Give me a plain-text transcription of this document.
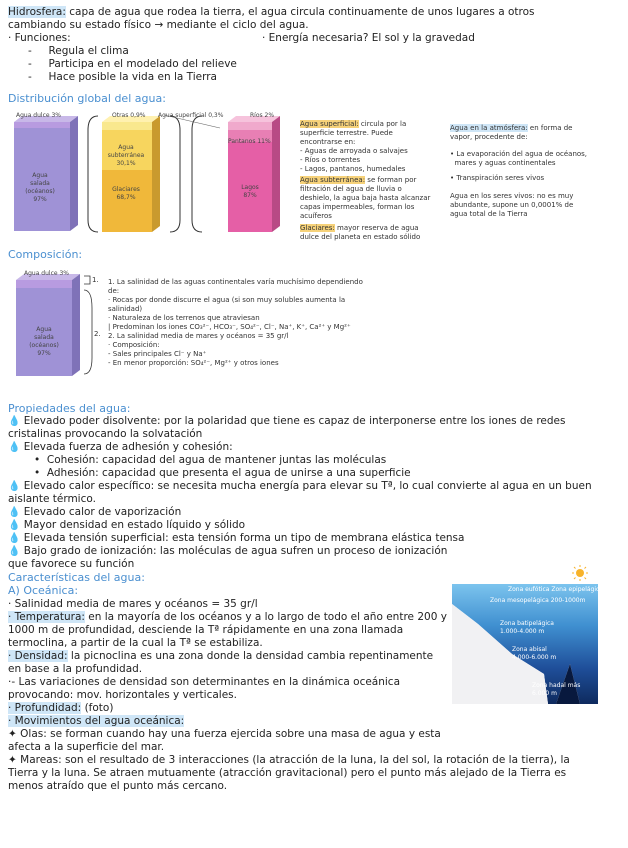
Hidrosfera: capa de agua que rodea la tierra, el agua circula continuamente de unos lugares a otros
cambiando su estado físico → mediante el ciclo del agua.
· Funciones:	· Energía necesaria? El sol y la gravedad
-     Regula el clima
-     Participa en el modelado del relieve
-     Hace posible la vida en la Tierra
Distribución global del agua:
Agua dulce 3%	Otras 0,9% Agua superficial 0,3%	Ríos 2%
Agua
salada
(océanos)
97%
Agua
subterránea
30,1%
Glaciares
68,7%
Pantanos 11%
Lagos
87%
Agua superficial: circula por la
superficie terrestre. Puede
encontrarse en:
- Aguas de arroyada o salvajes
- Ríos o torrentes
- Lagos, pantanos, humedales
Agua subterránea: se forman por
filtración del agua de lluvia o
deshielo, la agua baja hasta alcanzar
capas impermeables, forman los
acuíferos
Glaciares: mayor reserva de agua
dulce del planeta en estado sólido
Agua en la atmósfera: en forma de
vapor, procedente de:
• La evaporación del agua de océanos,
mares y aguas continentales
• Transpiración seres vivos
Agua en los seres vivos: no es muy
abundante, supone un 0,0001% de
agua total de la Tierra
Composición:
Agua dulce 3%
Agua
salada
(océanos)
97%
1.
2.
1. La salinidad de las aguas continentales varía muchísimo dependiendo
de:
· Rocas por donde discurre el agua (si son muy solubles aumenta la
salinidad)
· Naturaleza de los terrenos que atraviesan
| Predominan los iones CO₃²⁻, HCO₃⁻, SO₄²⁻, Cl⁻, Na⁺, K⁺, Ca²⁺ y Mg²⁺
2. La salinidad media de mares y océanos = 35 gr/l
· Composición:
- Sales principales Cl⁻ y Na⁺
- En menor proporción: SO₄²⁻, Mg²⁺ y otros iones
Propiedades del agua:
💧 Elevado poder disolvente: por la polaridad que tiene es capaz de interponerse entre los iones de redes
cristalinas provocando la solvatación
💧 Elevada fuerza de adhesión y cohesión:
• Cohesión: capacidad del agua de mantener juntas las moléculas
• Adhesión: capacidad que presenta el agua de unirse a una superficie
💧 Elevado calor específico: se necesita mucha energía para elevar su Tª, lo cual convierte al agua en un buen
aislante térmico.
💧 Elevado calor de vaporización
💧 Mayor densidad en estado líquido y sólido
💧 Elevada tensión superficial: esta tensión forma un tipo de membrana elástica tensa
💧 Bajo grado de ionización: las moléculas de agua sufren un proceso de ionización
que favorece su función
Características del agua:
A) Oceánica:
· Salinidad media de mares y océanos = 35 gr/l
· Temperatura: en la mayoría de los océanos y a lo largo de todo el año entre 200 y
1000 m de profundidad, desciende la Tª rápidamente en una zona llamada
termoclina, a partir de la cual la Tª se estabiliza.
· Densidad: la picnoclina es una zona donde la densidad cambia repentinamente
en base a la profundidad.
·- Las variaciones de densidad son determinantes en la dinámica oceánica
provocando: mov. horizontales y verticales.
· Profundidad: (foto)
· Movimientos del agua oceánica:
✦ Olas: se forman cuando hay una fuerza ejercida sobre una masa de agua y esta
afecta a la superficie del mar.
✦ Mareas: son el resultado de 3 interacciones (la atracción de la luna, la del sol, la rotación de la tierra), la
Tierra y la luna. Se atraen mutuamente (atracción gravitacional) pero el punto más alejado de la Tierra es
menos atraído que el punto más cercano.
Zona eufótica Zona epipelágica 0-200m
Zona mesopelágica 200-1000m
Zona batipelágica
1.000-4.000 m
Zona abisal
4.000-6.000 m
Zona hadal más
6.000 m
